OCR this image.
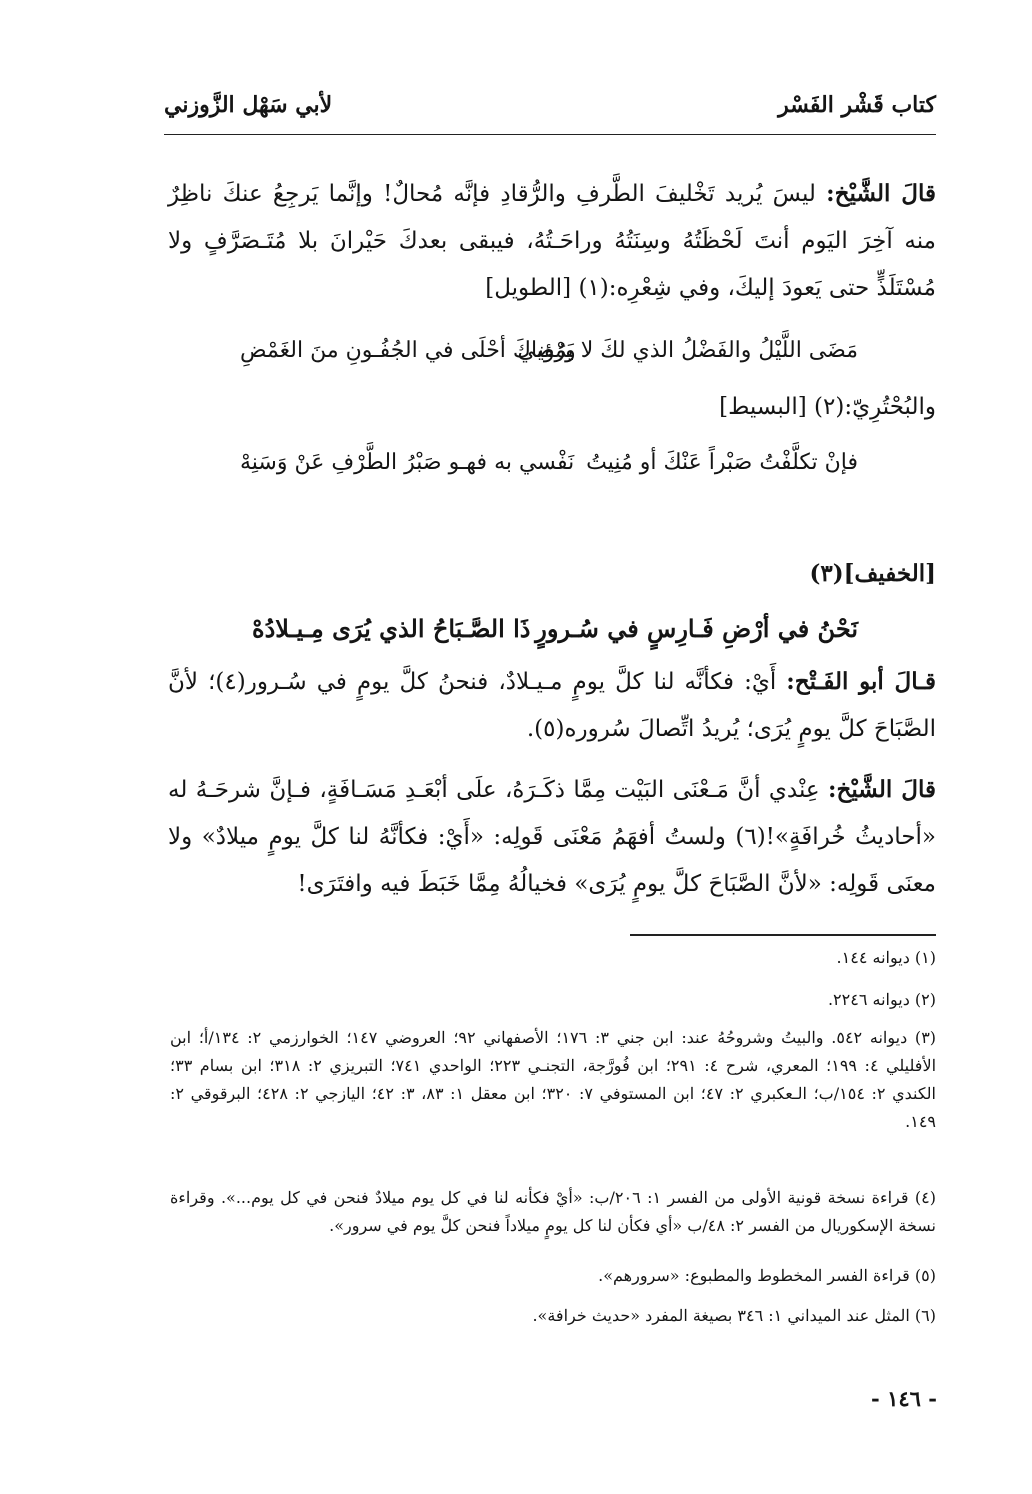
كتاب قَشْر الفَسْر
لأبي سَهْل الزَّوزني
قالَ الشَّيْخ: ليسَ يُريد تَخْليفَ الطَّرفِ والرُّقادِ فإنَّه مُحالٌ! وإنَّما يَرجِعُ عنكَ ناظِرٌ منه آخِرَ اليَوم أنتَ لَحْظَتُهُ وسِنَتُهُ وراحَـتُهُ، فيبقى بعدكَ حَيْرانَ بلا مُتَـصَرَّفٍ ولا مُسْتَلَذٍّ حتى يَعودَ إليكَ، وفي شِعْرِه:(١) [الطويل]
مَضَى اللَّيْلُ والفَضْلُ الذي لكَ لا يَمْضي
ورُؤياكَ أحْلَى في الجُفُـونِ منَ الغَمْضِ
والبُحْتُرِيّ:(٢) [البسيط]
فإنْ تكلَّفْتُ صَبْراً عَنْكَ أو مُنِيتُ
نَفْسي به فهـو صَبْرُ الطَّرْفِ عَنْ وَسَنِهْ
[الخفيف](٣)
نَحْنُ في أرْضِ فَـارِسٍ في سُـرورٍ
ذَا الصَّـبَاحُ الذي يُرَى مِـيـلادُهْ
قـالَ أبو الفَـتْح: أَيْ: فكأنَّه لنا كلَّ يومٍ مـيـلادٌ، فنحنُ كلَّ يومٍ في سُـرور(٤)؛ لأنَّ الصَّبَاحَ كلَّ يومٍ يُرَى؛ يُريدُ اتِّصالَ سُروره(٥).
قالَ الشَّيْخ: عِنْدي أنَّ مَـعْنَى البَيْت مِمَّا ذكَـرَهُ، علَى أبْعَـدِ مَسَـافَةٍ، فـإنَّ شرحَـهُ له «أحاديثُ خُرافَةٍ»!(٦) ولستُ أفهَمُ مَعْنَى قَولِه: «أَيْ: فكأنَّهُ لنا كلَّ يومٍ ميلادٌ» ولا معنَى قَولِه: «لأنَّ الصَّبَاحَ كلَّ يومٍ يُرَى» فخيالُهُ مِمَّا خَبَطَ فيه وافتَرَى!
(١) ديوانه ١٤٤.
(٢) ديوانه ٢٢٤٦.
(٣) ديوانه ٥٤٢. والبيتُ وشروحُهُ عند: ابن جني ٣: ١٧٦؛ الأصفهاني ٩٢؛ العروضي ١٤٧؛ الخوارزمي ٢: ١٣٤/أ؛ ابن الأفليلي ٤: ١٩٩؛ المعري، شرح ٤: ٢٩١؛ ابن فُورَّجة، التجنـي ٢٢٣؛ الواحدي ٧٤١؛ التبريزي ٢: ٣١٨؛ ابن بسام ٣٣؛ الكندي ٢: ١٥٤/ب؛ الـعكبري ٢: ٤٧؛ ابن المستوفي ٧: ٣٢٠؛ ابن معقل ١: ٨٣، ٣: ٤٢؛ اليازجي ٢: ٤٢٨؛ البرقوقي ٢: ١٤٩.
(٤) قراءة نسخة قونية الأولى من الفسر ١: ٢٠٦/ب: «أيْ فكأنه لنا في كل يوم ميلادٌ فنحن في كل يوم...». وقراءة نسخة الإسكوريال من الفسر ٢: ٤٨/ب «أي فكأن لنا كل يومٍ ميلاداً فنحن كلَّ يوم في سرور».
(٥) قراءة الفسر المخطوط والمطبوع: «سرورهم».
(٦) المثل عند الميداني ١: ٣٤٦ بصيغة المفرد «حديث خرافة».
- ١٤٦ -
